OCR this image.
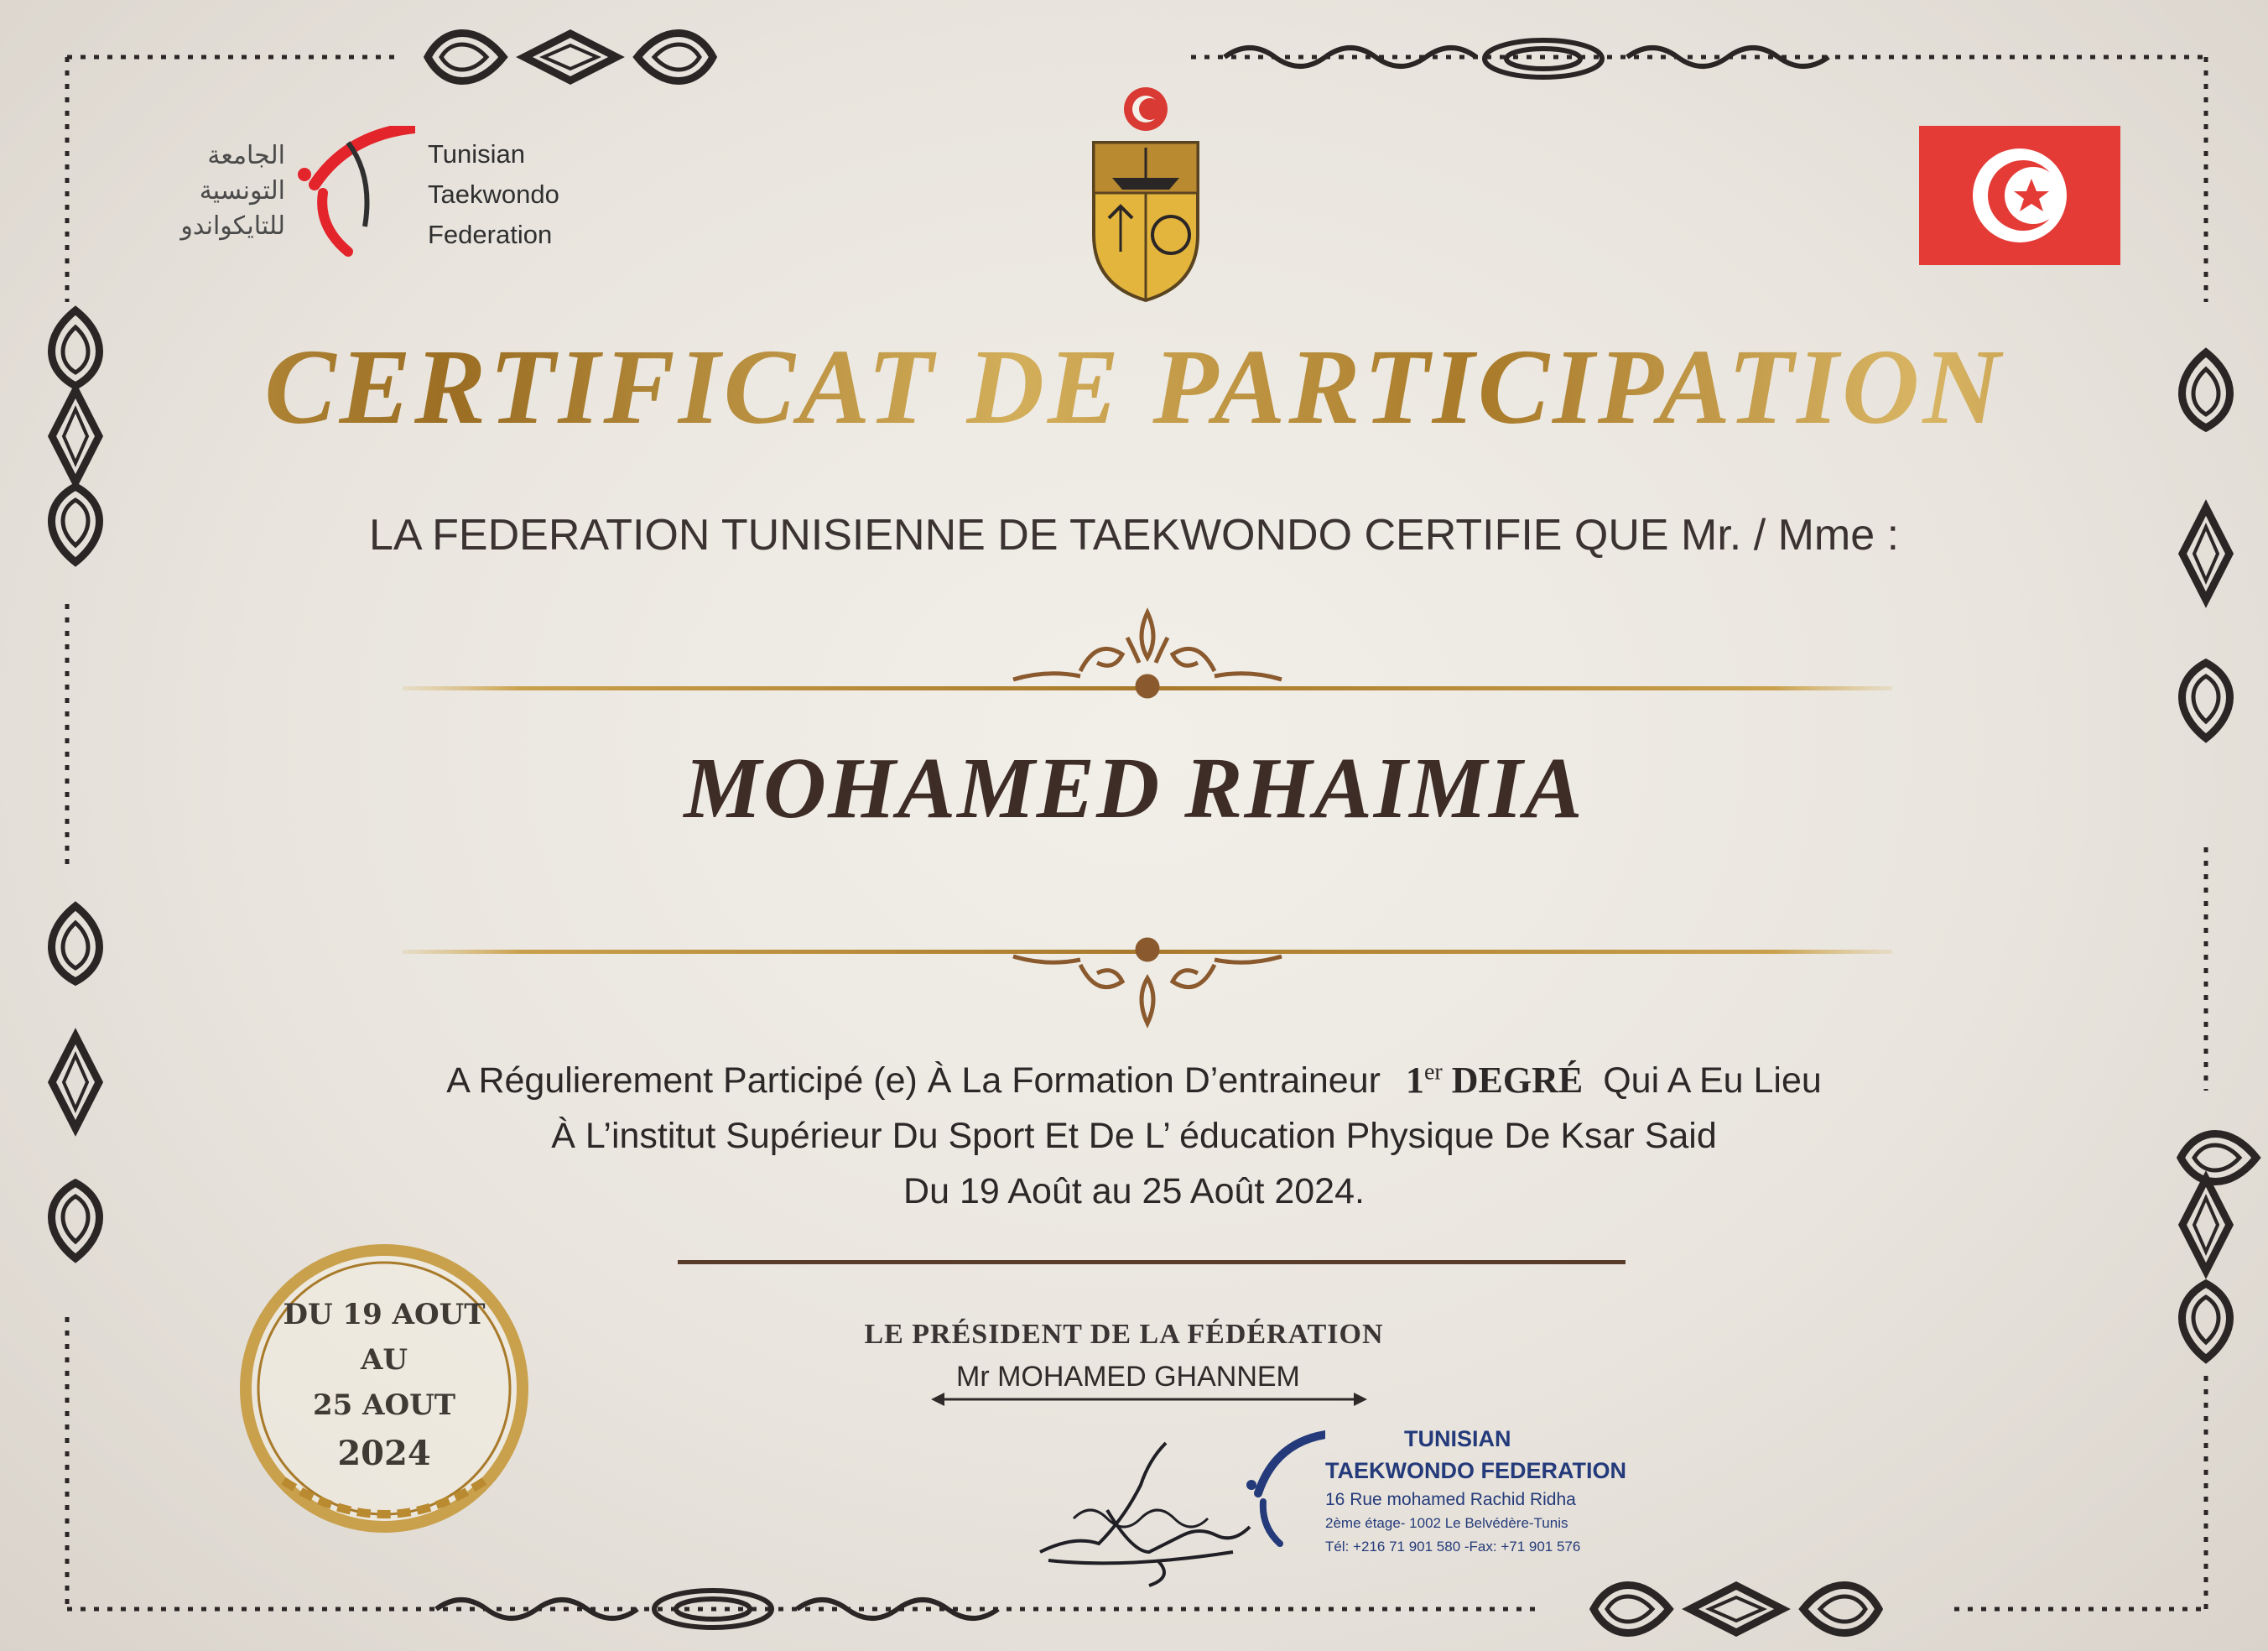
الجامعة
التونسية
للتايكواندو
Tunisian
Taekwondo
Federation
CERTIFICAT DE PARTICIPATION
LA FEDERATION TUNISIENNE DE TAEKWONDO CERTIFIE QUE Mr. / Mme :
MOHAMED RHAIMIA
A Régulierement Participé (e) À La Formation D’entraineur 1er DEGRÉ Qui A Eu Lieu
À L’institut Supérieur Du Sport Et De L’ éducation Physique De Ksar Said
Du 19 Août au 25 Août 2024.
DU 19 AOUT
AU
25 AOUT
2024
LE PRÉSIDENT DE LA FÉDÉRATION
Mr MOHAMED GHANNEM
TUNISIAN
TAEKWONDO FEDERATION
16 Rue mohamed Rachid Ridha
2ème étage- 1002 Le Belvédère-Tunis
Tél: +216 71 901 580 -Fax: +71 901 576
